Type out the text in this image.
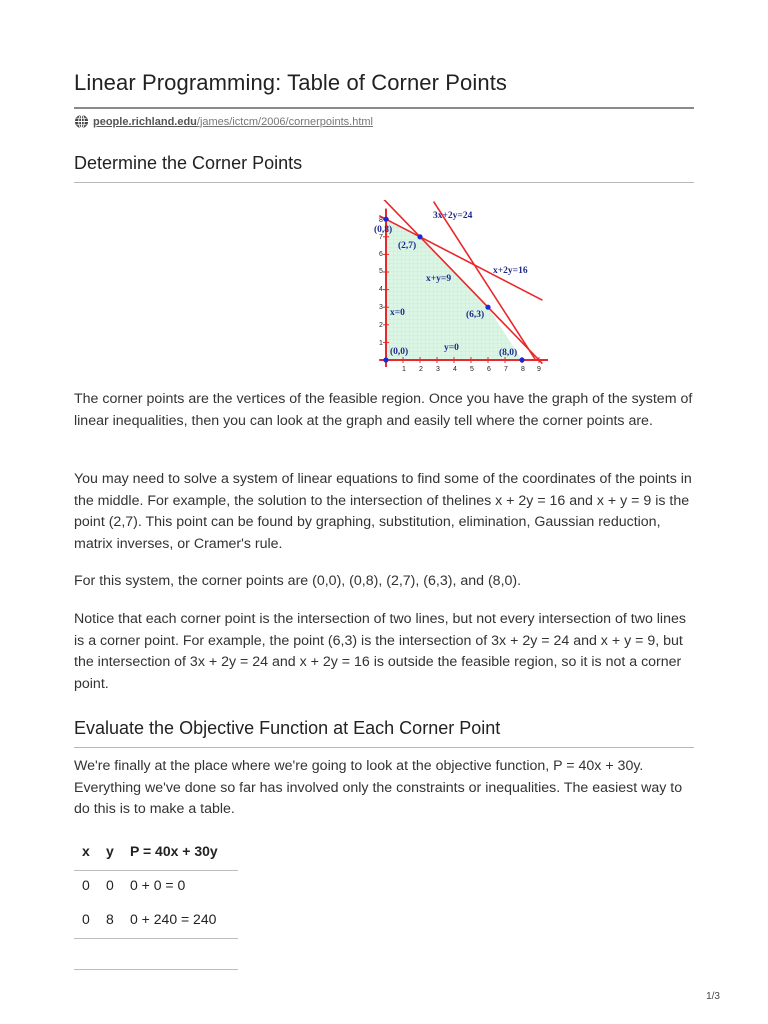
Linear Programming: Table of Corner Points
people.richland.edu /james/ictcm/2006/cornerpoints.html
Determine the Corner Points
1 2 3 4 5 6 7 8 9
1
2
3
4
5
6
7
8	3x+2y=24
x+2y=16
x+y=9
x=0
y=0
(0,8)
(2,7)
(6,3)
(0,0)	(8,0)

The corner points are the vertices of the feasible region. Once you have the graph of the system of linear inequalities, then you can look at the graph and easily tell where the corner points are.

You may need to solve a system of linear equations to find some of the coordinates of the points in the middle. For example, the solution to the intersection of thelines x + 2y = 16 and x + y = 9 is the point (2,7). This point can be found by graphing, substitution, elimination, Gaussian reduction, matrix inverses, or Cramer's rule.

For this system, the corner points are (0,0), (0,8), (2,7), (6,3), and (8,0).

Notice that each corner point is the intersection of two lines, but not every intersection of two lines is a corner point. For example, the point (6,3) is the intersection of 3x + 2y = 24 and x + y = 9, but the intersection of 3x + 2y = 24 and x + 2y = 16 is outside the feasible region, so it is not a corner point.

Evaluate the Objective Function at Each Corner Point

We're finally at the place where we're going to look at the objective function, P = 40x + 30y. Everything we've done so far has involved only the constraints or inequalities. The easiest way to do this is to make a table.

x	y	P = 40x + 30y
0	0	0 + 0 = 0
0	8	0 + 240 = 240
1/3
